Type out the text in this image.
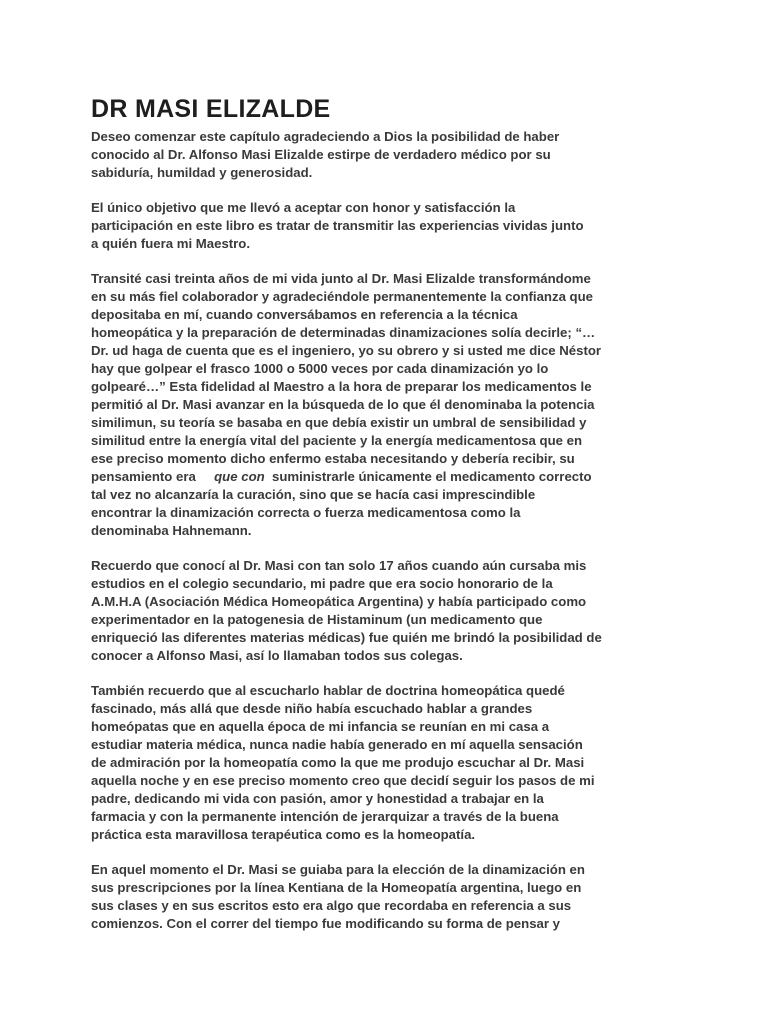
DR MASI ELIZALDE

Deseo comenzar este capítulo agradeciendo a Dios la posibilidad de haber
conocido al Dr. Alfonso Masi Elizalde estirpe de verdadero médico por su
sabiduría, humildad y generosidad.

El único objetivo que me llevó a aceptar con honor y satisfacción la
participación en este libro es tratar de transmitir las experiencias vividas junto
a quién fuera mi Maestro.

Transité casi treinta años de mi vida junto al Dr. Masi Elizalde transformándome
en su más fiel colaborador y agradeciéndole permanentemente la confianza que
depositaba en mí, cuando conversábamos en referencia a la técnica
homeopática y la preparación de determinadas dinamizaciones solía decirle; “…
Dr. ud haga de cuenta que es el ingeniero, yo su obrero y si usted me dice Néstor
hay que golpear el frasco 1000 o 5000 veces por cada dinamización yo lo
golpearé…” Esta fidelidad al Maestro a la hora de preparar los medicamentos le
permitió al Dr. Masi avanzar en la búsqueda de lo que él denominaba la potencia
similimun, su teoría se basaba en que debía existir un umbral de sensibilidad y
similitud entre la energía vital del paciente y la energía medicamentosa que en
ese preciso momento dicho enfermo estaba necesitando y debería recibir, su
pensamiento era     que con  suministrarle únicamente el medicamento correcto
tal vez no alcanzaría la curación, sino que se hacía casi imprescindible
encontrar la dinamización correcta o fuerza medicamentosa como la
denominaba Hahnemann.

Recuerdo que conocí al Dr. Masi con tan solo 17 años cuando aún cursaba mis
estudios en el colegio secundario, mi padre que era socio honorario de la
A.M.H.A (Asociación Médica Homeopática Argentina) y había participado como
experimentador en la patogenesia de Histaminum (un medicamento que
enriqueció las diferentes materias médicas) fue quién me brindó la posibilidad de
conocer a Alfonso Masi, así lo llamaban todos sus colegas.

También recuerdo que al escucharlo hablar de doctrina homeopática quedé
fascinado, más allá que desde niño había escuchado hablar a grandes
homeópatas que en aquella época de mi infancia se reunían en mi casa a
estudiar materia médica, nunca nadie había generado en mí aquella sensación
de admiración por la homeopatía como la que me produjo escuchar al Dr. Masi
aquella noche y en ese preciso momento creo que decidí seguir los pasos de mi
padre, dedicando mi vida con pasión, amor y honestidad a trabajar en la
farmacia y con la permanente intención de jerarquizar a través de la buena
práctica esta maravillosa terapéutica como es la homeopatía.

En aquel momento el Dr. Masi se guiaba para la elección de la dinamización en
sus prescripciones por la línea Kentiana de la Homeopatía argentina, luego en
sus clases y en sus escritos esto era algo que recordaba en referencia a sus
comienzos. Con el correr del tiempo fue modificando su forma de pensar y
